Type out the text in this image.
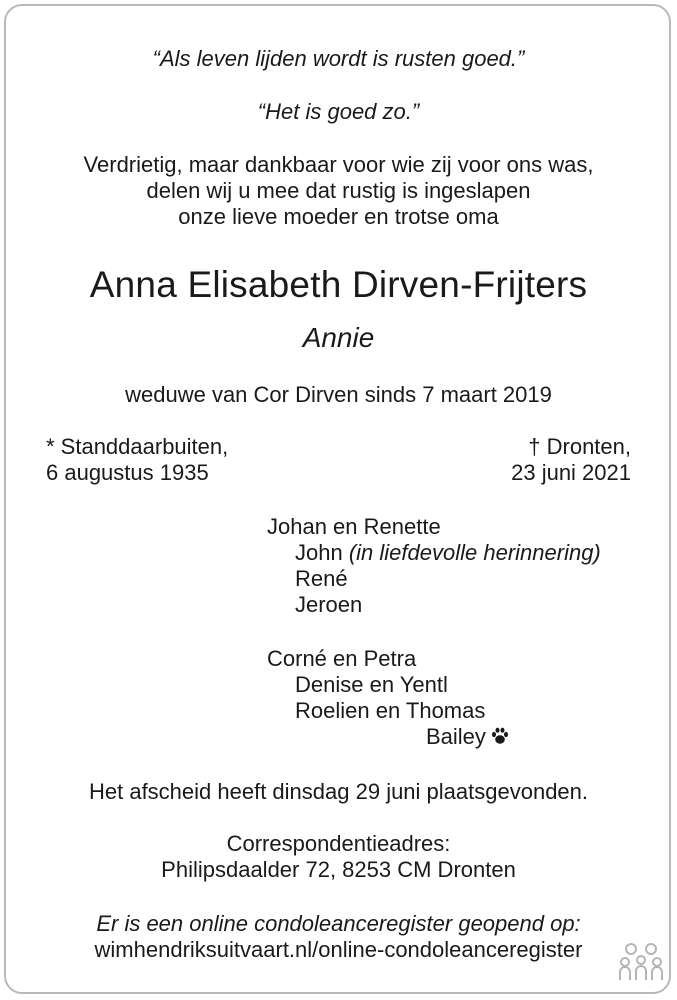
“Als leven lijden wordt is rusten goed.”
“Het is goed zo.”
Verdrietig, maar dankbaar voor wie zij voor ons was,
delen wij u mee dat rustig is ingeslapen
onze lieve moeder en trotse oma
Anna Elisabeth Dirven-Frijters
Annie
weduwe van Cor Dirven sinds 7 maart 2019
* Standdaarbuiten,
6 augustus 1935
† Dronten,
23 juni 2021
Johan en Renette
John (in liefdevolle herinnering)
René
Jeroen
Corné en Petra
Denise en Yentl
Roelien en Thomas
Bailey
Het afscheid heeft dinsdag 29 juni plaatsgevonden.
Correspondentieadres:
Philipsdaalder 72, 8253 CM Dronten
Er is een online condoleanceregister geopend op:
wimhendriksuitvaart.nl/online-condoleanceregister
